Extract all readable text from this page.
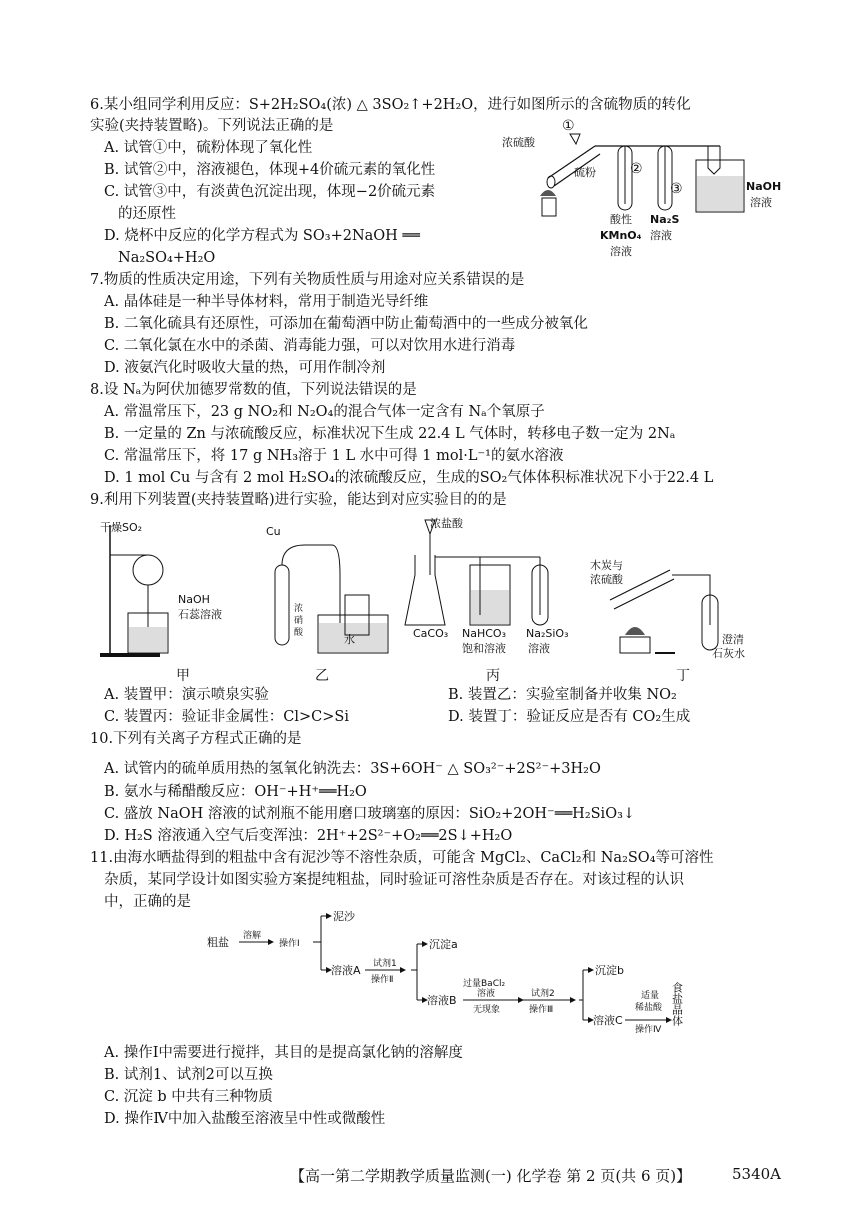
6.某小组同学利用反应：S+2H₂SO₄(浓) △ 3SO₂↑+2H₂O，进行如图所示的含硫物质的转化
实验(夹持装置略)。下列说法正确的是
A. 试管①中，硫粉体现了氧化性
B. 试管②中，溶液褪色，体现+4价硫元素的氧化性
C. 试管③中，有淡黄色沉淀出现，体现−2价硫元素
的还原性
D. 烧杯中反应的化学方程式为 SO₃+2NaOH ══
Na₂SO₄+H₂O
浓硫酸
①
②
③
硫粉
酸性
KMnO₄
溶液
Na₂S
溶液
NaOH
溶液
7.物质的性质决定用途，下列有关物质性质与用途对应关系错误的是
A. 晶体硅是一种半导体材料，常用于制造光导纤维
B. 二氧化硫具有还原性，可添加在葡萄酒中防止葡萄酒中的一些成分被氧化
C. 二氧化氯在水中的杀菌、消毒能力强，可以对饮用水进行消毒
D. 液氨汽化时吸收大量的热，可用作制冷剂
8.设 Nₐ为阿伏加德罗常数的值，下列说法错误的是
A. 常温常压下，23 g NO₂和 N₂O₄的混合气体一定含有 Nₐ个氧原子
B. 一定量的 Zn 与浓硫酸反应，标准状况下生成 22.4 L 气体时，转移电子数一定为 2Nₐ
C. 常温常压下，将 17 g NH₃溶于 1 L 水中可得 1 mol·L⁻¹的氨水溶液
D. 1 mol Cu 与含有 2 mol H₂SO₄的浓硫酸反应，生成的SO₂气体体积标准状况下小于22.4 L
9.利用下列装置(夹持装置略)进行实验，能达到对应实验目的的是
干燥SO₂
NaOH
石蕊溶液
Cu
浓
硝
酸	水
浓盐酸
CaCO₃ NaHCO₃
饱和溶液
Na₂SiO₃
溶液
木炭与
浓硫酸
澄清
石灰水
甲	乙	丙	丁
A. 装置甲：演示喷泉实验	B. 装置乙：实验室制备并收集 NO₂
C. 装置丙：验证非金属性：Cl>C>Si	D. 装置丁：验证反应是否有 CO₂生成
10.下列有关离子方程式正确的是
A. 试管内的硫单质用热的氢氧化钠洗去：3S+6OH⁻ △ SO₃²⁻+2S²⁻+3H₂O
B. 氨水与稀醋酸反应：OH⁻+H⁺══H₂O
C. 盛放 NaOH 溶液的试剂瓶不能用磨口玻璃塞的原因：SiO₂+2OH⁻══H₂SiO₃↓
D. H₂S 溶液通入空气后变浑浊：2H⁺+2S²⁻+O₂══2S↓+H₂O
11.由海水晒盐得到的粗盐中含有泥沙等不溶性杂质，可能含 MgCl₂、CaCl₂和 Na₂SO₄等可溶性
杂质，某同学设计如图实验方案提纯粗盐，同时验证可溶性杂质是否存在。对该过程的认识
中，正确的是
粗盐 溶解
操作Ⅰ
泥沙
溶液A 试剂1
操作Ⅱ
沉淀a
溶液B
过量BaCl₂
溶液
无现象
试剂2
操作Ⅲ
沉淀b
溶液C
适量
稀盐酸
操作Ⅳ
食盐晶体
A. 操作Ⅰ中需要进行搅拌，其目的是提高氯化钠的溶解度
B. 试剂1、试剂2可以互换
C. 沉淀 b 中共有三种物质
D. 操作Ⅳ中加入盐酸至溶液呈中性或微酸性
【高一第二学期教学质量监测(一) 化学卷 第 2 页(共 6 页)】	5340A
